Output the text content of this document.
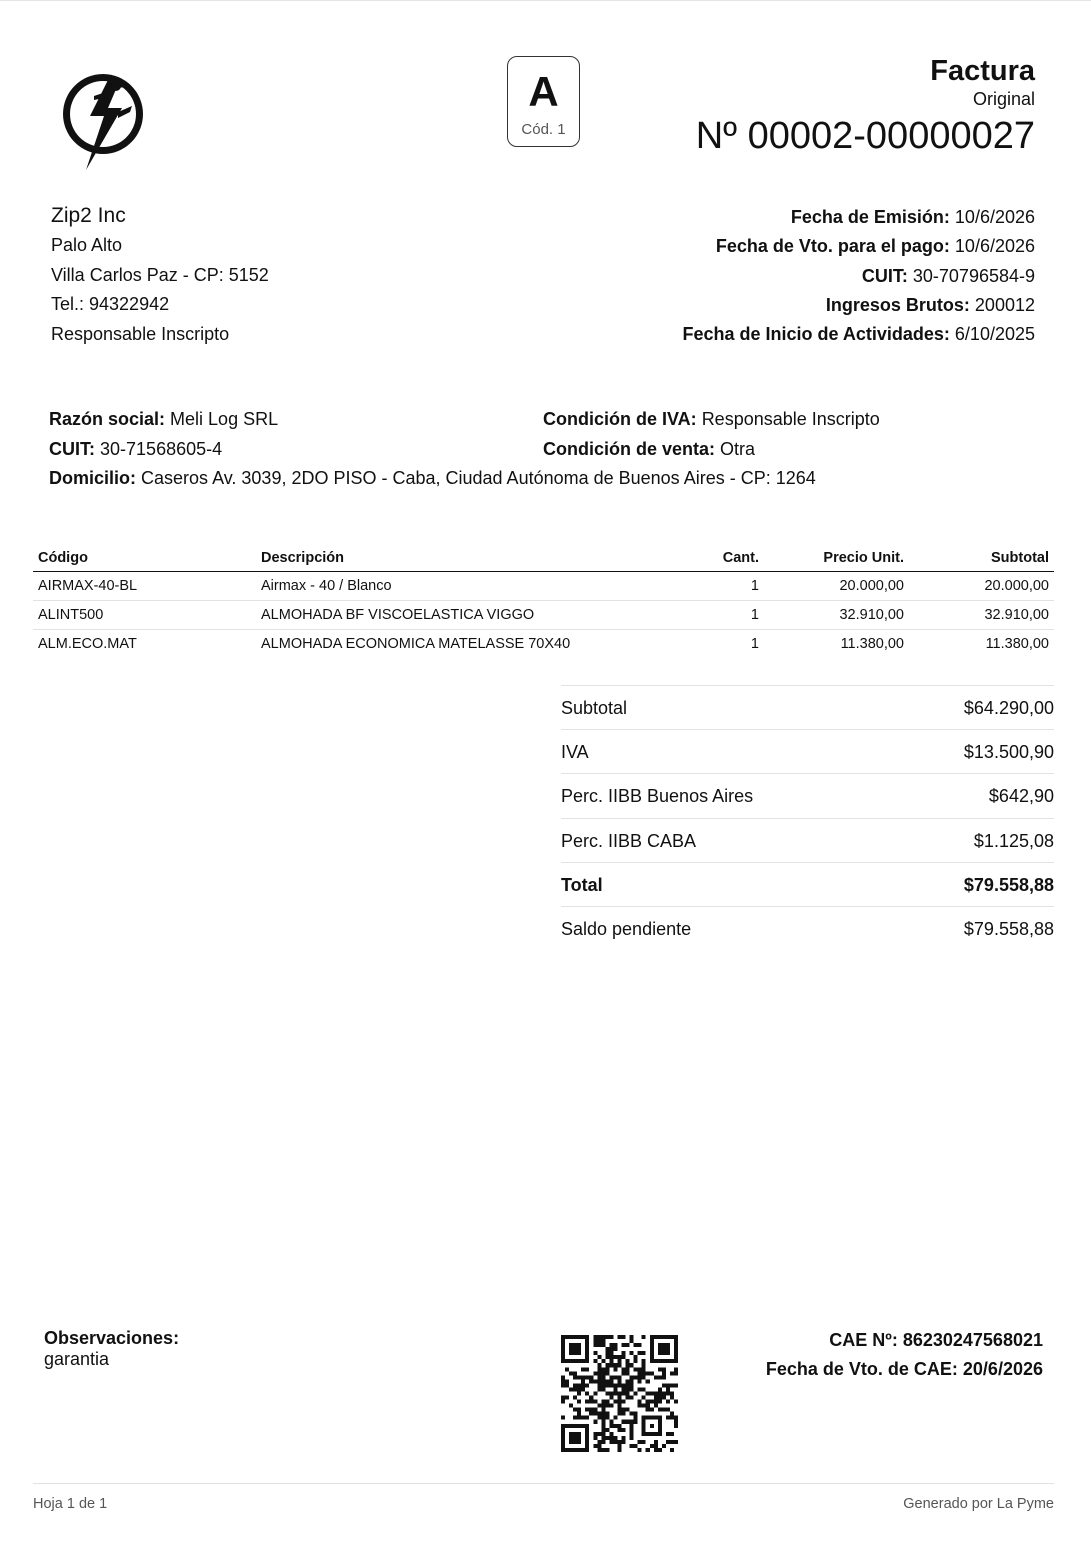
A
Cód. 1
Factura
Original
Nº 00002-00000027
Zip2 Inc
Palo Alto
Villa Carlos Paz - CP: 5152
Tel.: 94322942
Responsable Inscripto
Fecha de Emisión: 10/6/2026
Fecha de Vto. para el pago: 10/6/2026
CUIT: 30-70796584-9
Ingresos Brutos: 200012
Fecha de Inicio de Actividades: 6/10/2025
Razón social: Meli Log SRL	Condición de IVA: Responsable Inscripto
CUIT: 30-71568605-4	Condición de venta: Otra
Domicilio: Caseros Av. 3039, 2DO PISO - Caba, Ciudad Autónoma de Buenos Aires - CP: 1264
Código	Descripción	Cant.	Precio Unit.	Subtotal
AIRMAX-40-BL	Airmax - 40 / Blanco	1	20.000,00	20.000,00
ALINT500	ALMOHADA BF VISCOELASTICA VIGGO	1	32.910,00	32.910,00
ALM.ECO.MAT	ALMOHADA ECONOMICA MATELASSE 70X40	1	11.380,00	11.380,00
Subtotal	$64.290,00
IVA	$13.500,90
Perc. IIBB Buenos Aires	$642,90
Perc. IIBB CABA	$1.125,08
Total	$79.558,88
Saldo pendiente	$79.558,88
Observaciones:
garantia
CAE Nº: 86230247568021
Fecha de Vto. de CAE: 20/6/2026
Hoja 1 de 1	Generado por La Pyme
